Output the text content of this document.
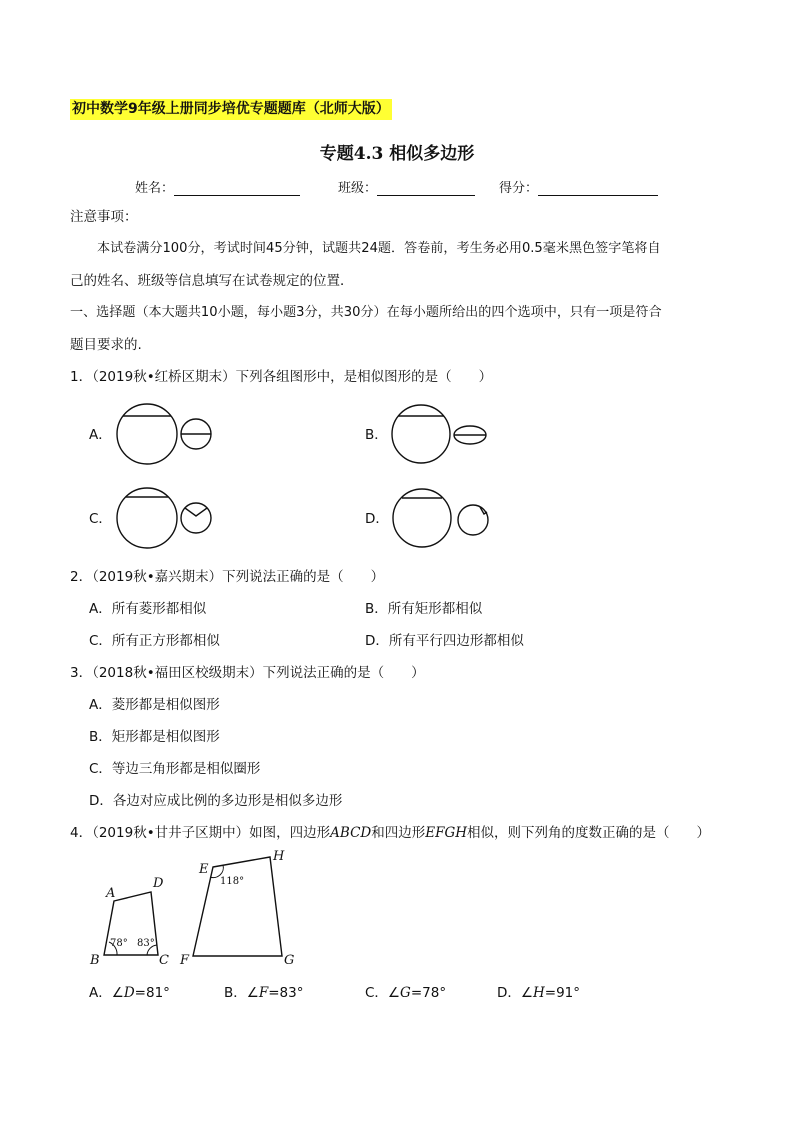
初中数学9年级上册同步培优专题题库（北师大版）
专题4.3 相似多边形
姓名：	班级：	得分：
注意事项：
本试卷满分100分，考试时间45分钟，试题共24题．答卷前，考生务必用0.5毫米黑色签字笔将自
己的姓名、班级等信息填写在试卷规定的位置．
一、选择题（本大题共10小题，每小题3分，共30分）在每小题所给出的四个选项中，只有一项是符合
题目要求的.
1．（2019秋•红桥区期末）下列各组图形中，是相似图形的是（　　）
A．	B．
C．	D．
2．（2019秋•嘉兴期末）下列说法正确的是（　　）
A．所有菱形都相似	B．所有矩形都相似
C．所有正方形都相似	D．所有平行四边形都相似
3．（2018秋•福田区校级期末）下列说法正确的是（　　）
A．菱形都是相似图形
B．矩形都是相似图形
C．等边三角形都是相似圈形
D．各边对应成比例的多边形是相似多边形
4．（2019秋•甘井子区期中）如图，四边形ABCD和四边形EFGH相似，则下列角的度数正确的是（　　）
A
B	C
D
E
F	G
H
78° 83°
118°
A．∠D=81°	B．∠F=83°	C．∠G=78°	D．∠H=91°
